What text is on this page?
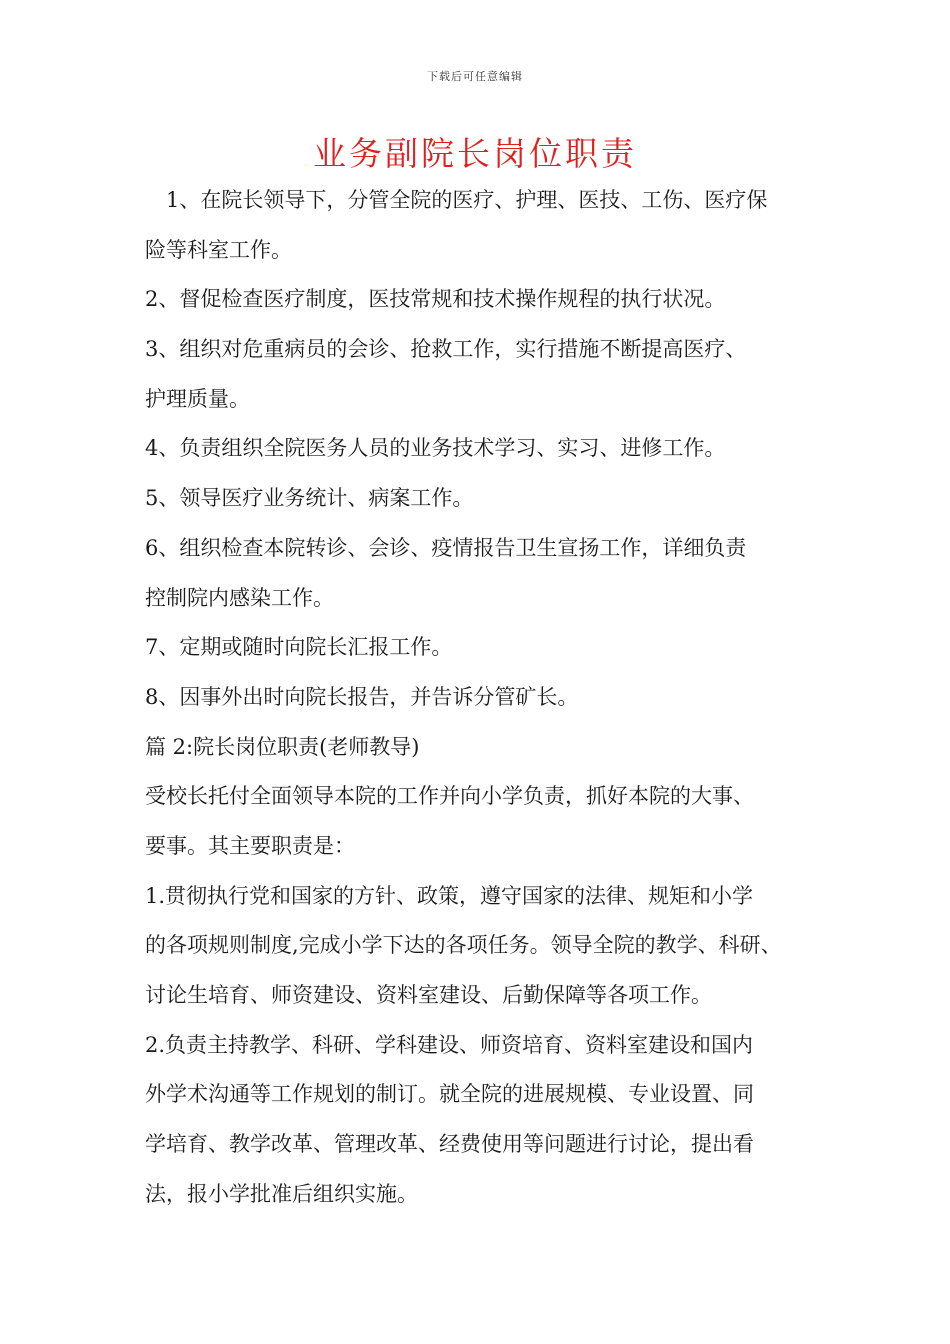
下载后可任意编辑
业务副院长岗位职责
　1、在院长领导下，分管全院的医疗、护理、医技、工伤、医疗保
险等科室工作。
2、督促检查医疗制度，医技常规和技术操作规程的执行状况。
3、组织对危重病员的会诊、抢救工作，实行措施不断提高医疗、
护理质量。
4、负责组织全院医务人员的业务技术学习、实习、进修工作。
5、领导医疗业务统计、病案工作。
6、组织检查本院转诊、会诊、疫情报告卫生宣扬工作，详细负责
控制院内感染工作。
7、定期或随时向院长汇报工作。
8、因事外出时向院长报告，并告诉分管矿长。
篇 2:院长岗位职责(老师教导)
受校长托付全面领导本院的工作并向小学负责，抓好本院的大事、
要事。其主要职责是：
1.贯彻执行党和国家的方针、政策，遵守国家的法律、规矩和小学
的各项规则制度,完成小学下达的各项任务。领导全院的教学、科研、
讨论生培育、师资建设、资料室建设、后勤保障等各项工作。
2.负责主持教学、科研、学科建设、师资培育、资料室建设和国内
外学术沟通等工作规划的制订。就全院的进展规模、专业设置、同
学培育、教学改革、管理改革、经费使用等问题进行讨论，提出看
法，报小学批准后组织实施。
